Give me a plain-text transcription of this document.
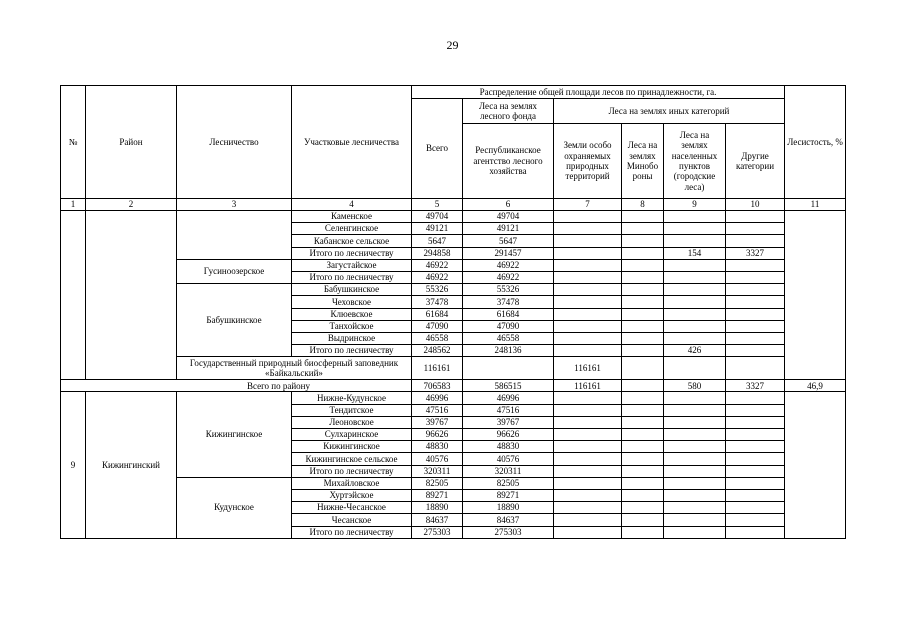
29
№	Район	Лесничество	Участковые лесничества	Распределение общей площади лесов по принадлежности, га.						Лесистость, %
				Всего	Леса на землях лесного фонда	Леса на землях иных категорий				
					Республиканское агентство лесного хозяйства	Земли особо охраняемых природных территорий	Леса на землях Минобо роны	Леса на землях населенных пунктов (городские леса)	Другие категории	
1	2	3	4	5	6	7	8	9	10	11
			Каменское	49704	49704					
			Селенгинское	49121	49121					
			Кабанское сельское	5647	5647					
			Итого по лесничеству	294858	291457			154	3327	
		Гусиноозерское	Загустайское	46922	46922					
			Итого по лесничеству	46922	46922					
		Бабушкинское	Бабушкинское	55326	55326					
			Чеховское	37478	37478					
			Клюевское	61684	61684					
			Танхойское	47090	47090					
			Выдринское	46558	46558					
			Итого по лесничеству	248562	248136			426		
		Государственный природный биосферный заповедник «Байкальский»		116161		116161				
Всего по району				706583	586515	116161		580	3327	46,9
9	Кижингинский	Кижингинское	Нижне-Кудунское	46996	46996					
			Тендитское	47516	47516					
			Леоновское	39767	39767					
			Сулхаринское	96626	96626					
			Кижингинское	48830	48830					
			Кижингинское сельское	40576	40576					
			Итого по лесничеству	320311	320311					
		Кудунское	Михайловское	82505	82505					
			Хуртэйское	89271	89271					
			Нижне-Чесанское	18890	18890					
			Чесанское	84637	84637					
			Итого по лесничеству	275303	275303					
